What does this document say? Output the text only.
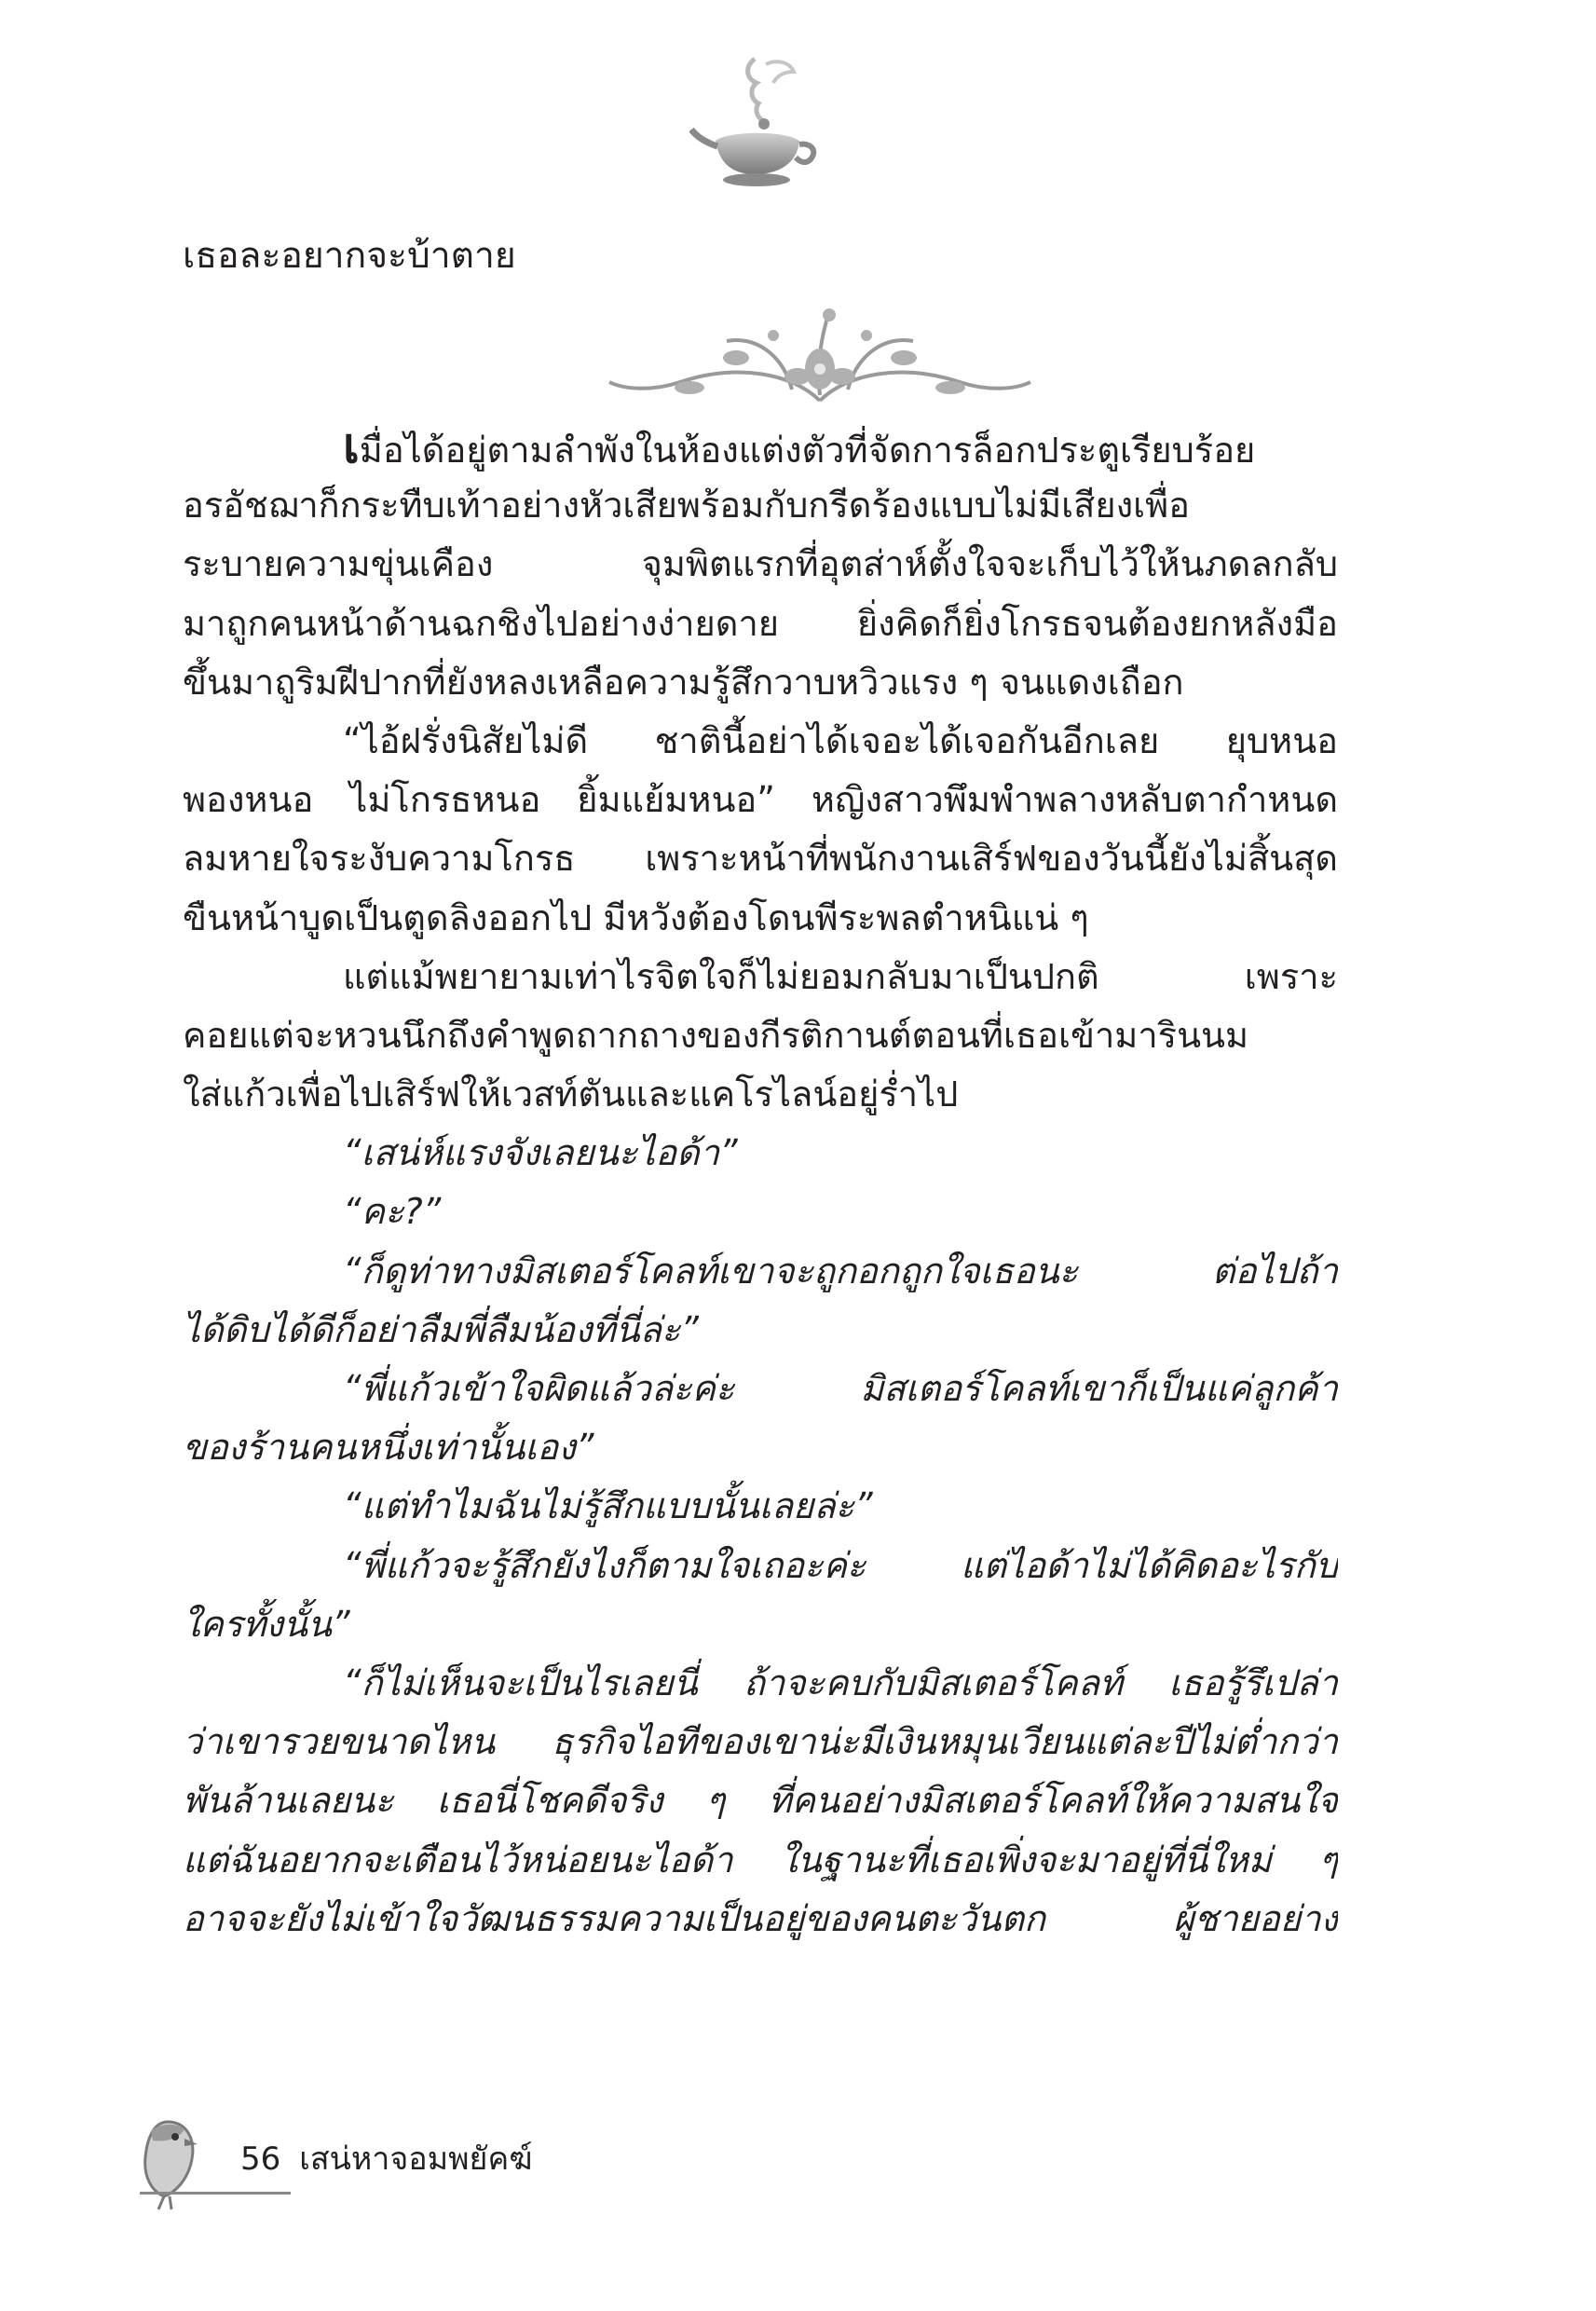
เธอละอยากจะบ้าตาย
เมื่อได้อยู่ตามลำพังในห้องแต่งตัวที่จัดการล็อกประตูเรียบร้อย
อรอัชฌาก็กระทืบเท้าอย่างหัวเสียพร้อมกับกรีดร้องแบบไม่มีเสียงเพื่อ
ระบายความขุ่นเคือง จุมพิตแรกที่อุตส่าห์ตั้งใจจะเก็บไว้ให้นภดลกลับ
มาถูกคนหน้าด้านฉกชิงไปอย่างง่ายดาย ยิ่งคิดก็ยิ่งโกรธจนต้องยกหลังมือ
ขึ้นมาถูริมฝีปากที่ยังหลงเหลือความรู้สึกวาบหวิวแรง ๆ จนแดงเถือก
“ไอ้ฝรั่งนิสัยไม่ดี ชาตินี้อย่าได้เจอะได้เจอกันอีกเลย ยุบหนอ
พองหนอ ไม่โกรธหนอ ยิ้มแย้มหนอ” หญิงสาวพึมพำพลางหลับตากำหนด
ลมหายใจระงับความโกรธ เพราะหน้าที่พนักงานเสิร์ฟของวันนี้ยังไม่สิ้นสุด
ขืนหน้าบูดเป็นตูดลิงออกไป มีหวังต้องโดนพีระพลตำหนิแน่ ๆ
แต่แม้พยายามเท่าไรจิตใจก็ไม่ยอมกลับมาเป็นปกติ เพราะ
คอยแต่จะหวนนึกถึงคำพูดถากถางของกีรติกานต์ตอนที่เธอเข้ามารินนม
ใส่แก้วเพื่อไปเสิร์ฟให้เวสท์ตันและแคโรไลน์อยู่ร่ำไป
“เสน่ห์แรงจังเลยนะไอด้า”
“คะ?”
“ก็ดูท่าทางมิสเตอร์โคลท์เขาจะถูกอกถูกใจเธอนะ ต่อไปถ้า
ได้ดิบได้ดีก็อย่าลืมพี่ลืมน้องที่นี่ล่ะ”
“พี่แก้วเข้าใจผิดแล้วล่ะค่ะ มิสเตอร์โคลท์เขาก็เป็นแค่ลูกค้า
ของร้านคนหนึ่งเท่านั้นเอง”
“แต่ทำไมฉันไม่รู้สึกแบบนั้นเลยล่ะ”
“พี่แก้วจะรู้สึกยังไงก็ตามใจเถอะค่ะ แต่ไอด้าไม่ได้คิดอะไรกับ
ใครทั้งนั้น”
“ก็ไม่เห็นจะเป็นไรเลยนี่ ถ้าจะคบกับมิสเตอร์โคลท์ เธอรู้รึเปล่า
ว่าเขารวยขนาดไหน ธุรกิจไอทีของเขาน่ะมีเงินหมุนเวียนแต่ละปีไม่ต่ำกว่า
พันล้านเลยนะ เธอนี่โชคดีจริง ๆ ที่คนอย่างมิสเตอร์โคลท์ให้ความสนใจ
แต่ฉันอยากจะเตือนไว้หน่อยนะไอด้า ในฐานะที่เธอเพิ่งจะมาอยู่ที่นี่ใหม่ ๆ
อาจจะยังไม่เข้าใจวัฒนธรรมความเป็นอยู่ของคนตะวันตก ผู้ชายอย่าง
56 เสน่หาจอมพยัคฆ์
